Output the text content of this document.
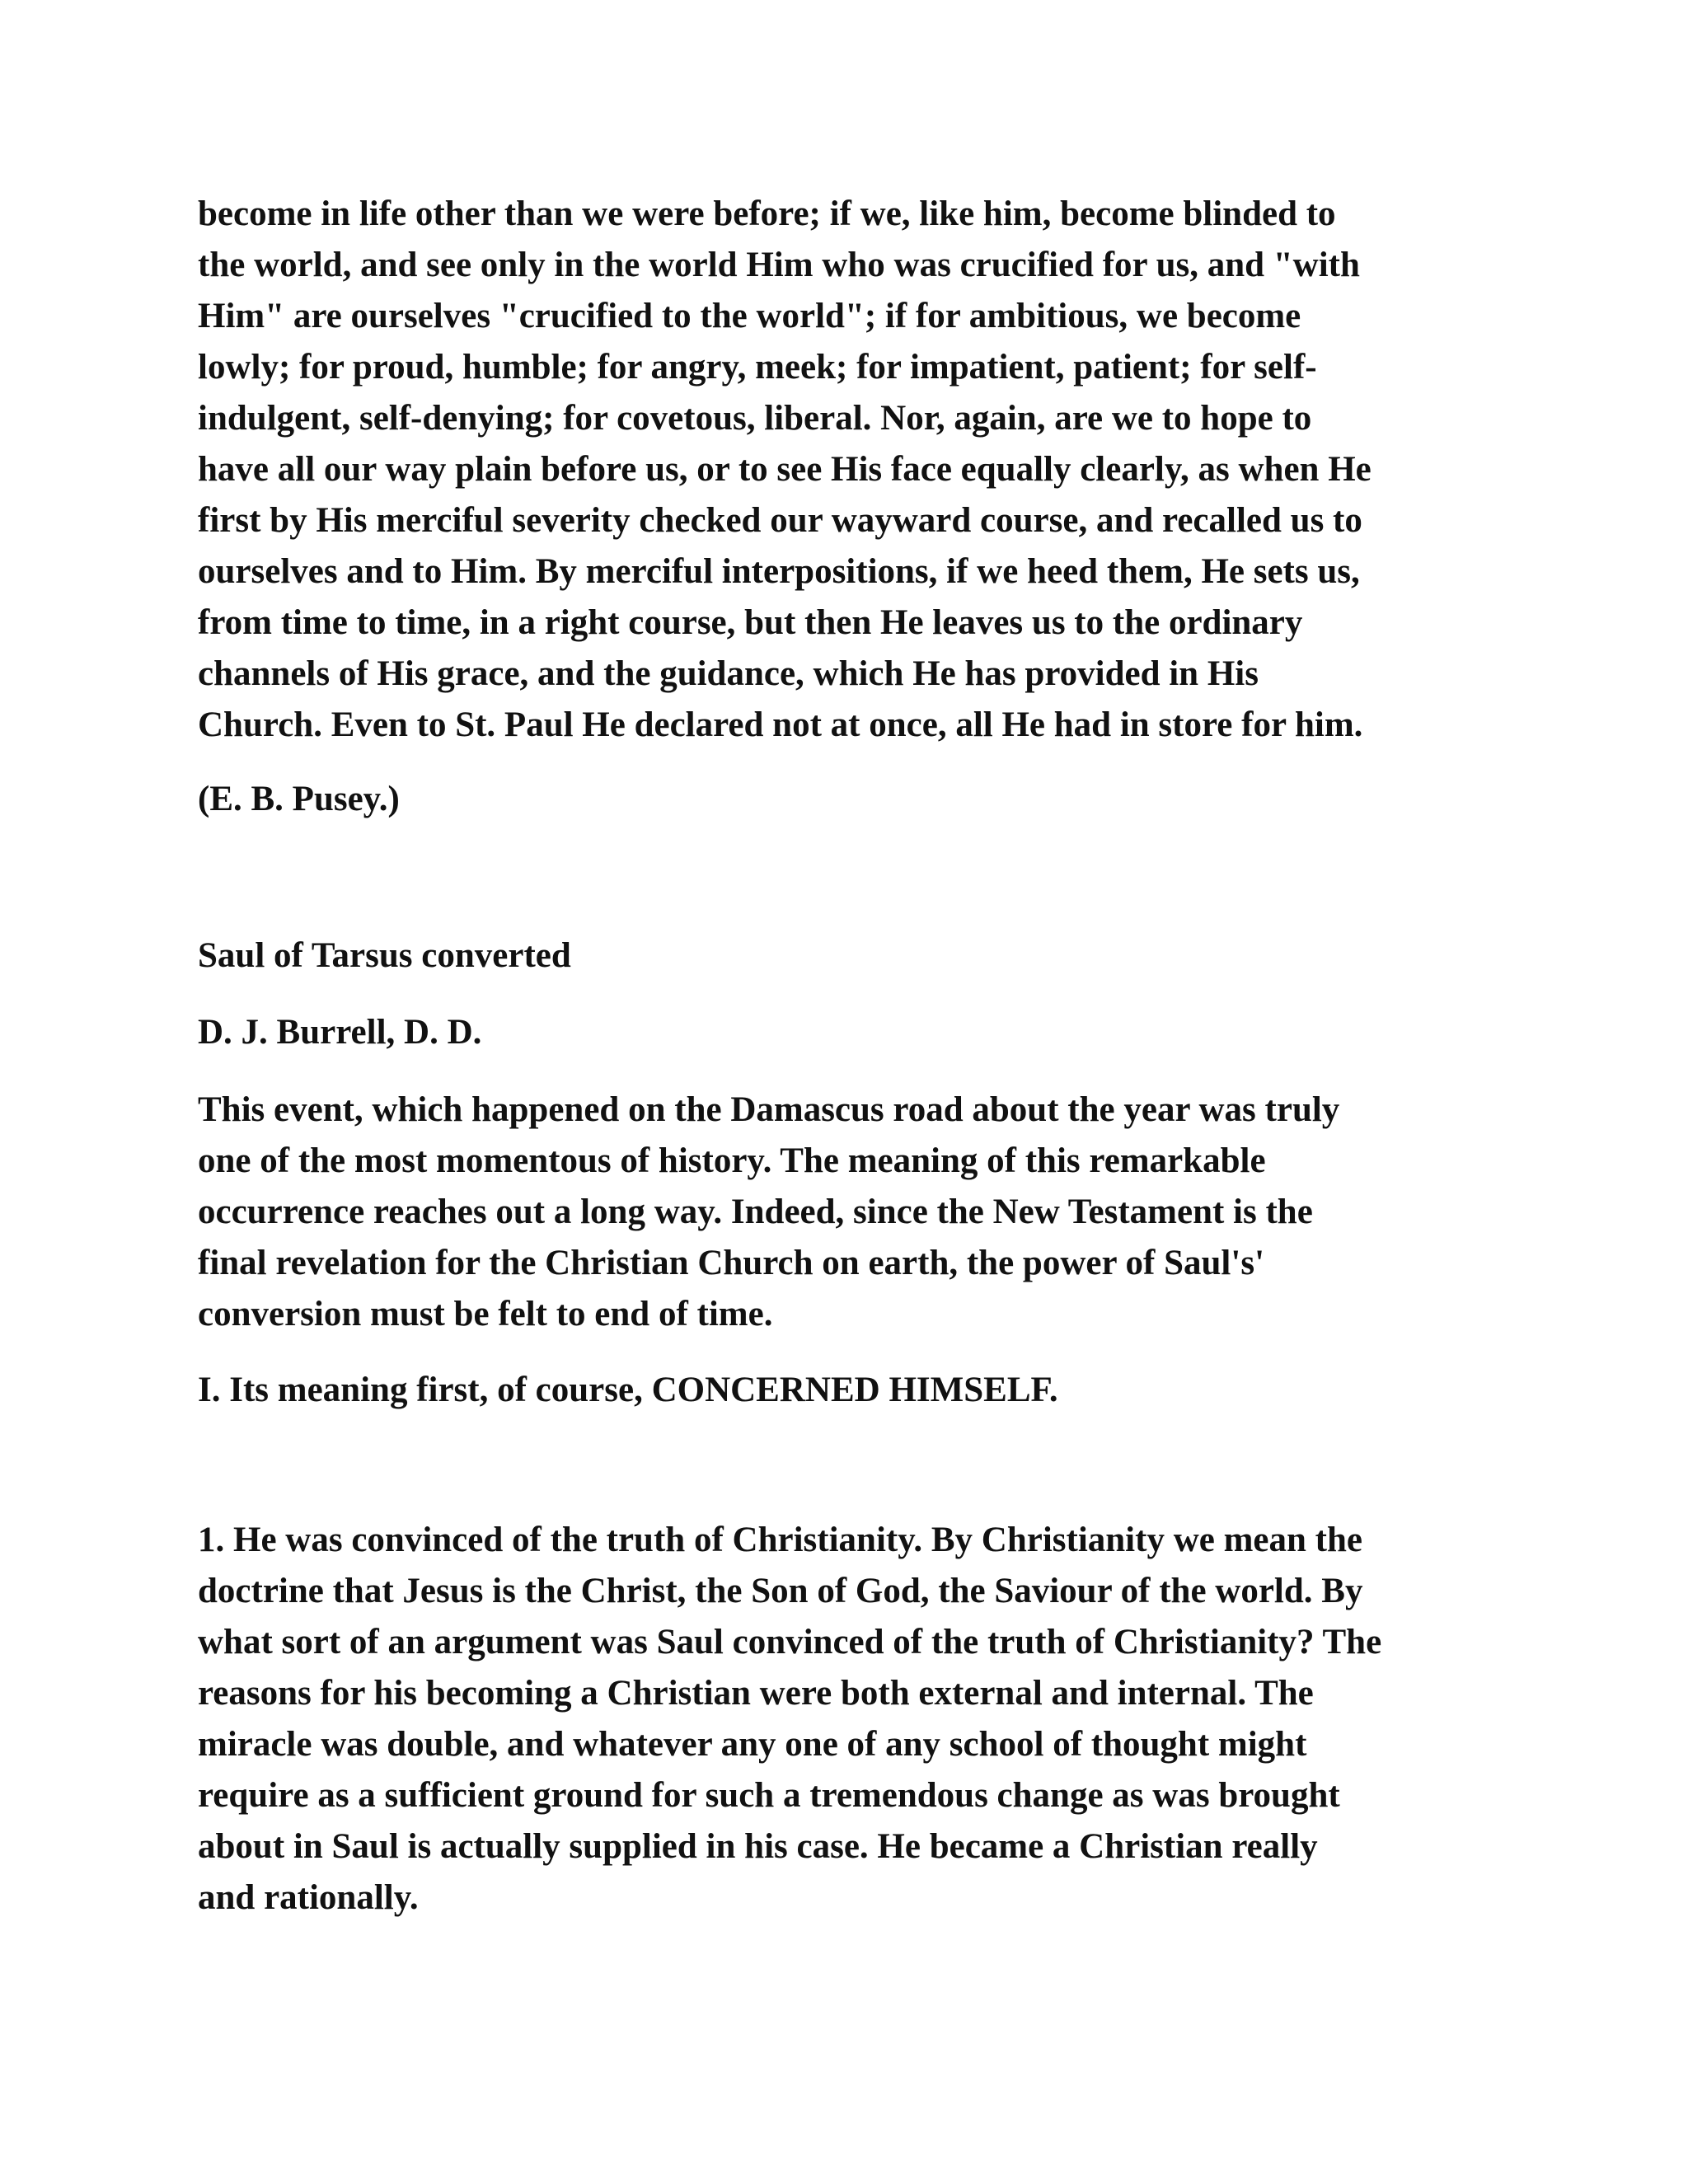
become in life other than we were before; if we, like him, become blinded to
the world, and see only in the world Him who was crucified for us, and "with
Him" are ourselves "crucified to the world"; if for ambitious, we become
lowly; for proud, humble; for angry, meek; for impatient, patient; for self-
indulgent, self-denying; for covetous, liberal. Nor, again, are we to hope to
have all our way plain before us, or to see His face equally clearly, as when He
first by His merciful severity checked our wayward course, and recalled us to
ourselves and to Him. By merciful interpositions, if we heed them, He sets us,
from time to time, in a right course, but then He leaves us to the ordinary
channels of His grace, and the guidance, which He has provided in His
Church. Even to St. Paul He declared not at once, all He had in store for him.
(E. B. Pusey.)
Saul of Tarsus converted
D. J. Burrell, D. D.
This event, which happened on the Damascus road about the year was truly
one of the most momentous of history. The meaning of this remarkable
occurrence reaches out a long way. Indeed, since the New Testament is the
final revelation for the Christian Church on earth, the power of Saul's'
conversion must be felt to end of time.
I. Its meaning first, of course, CONCERNED HIMSELF.
1. He was convinced of the truth of Christianity. By Christianity we mean the
doctrine that Jesus is the Christ, the Son of God, the Saviour of the world. By
what sort of an argument was Saul convinced of the truth of Christianity? The
reasons for his becoming a Christian were both external and internal. The
miracle was double, and whatever any one of any school of thought might
require as a sufficient ground for such a tremendous change as was brought
about in Saul is actually supplied in his case. He became a Christian really
and rationally.
